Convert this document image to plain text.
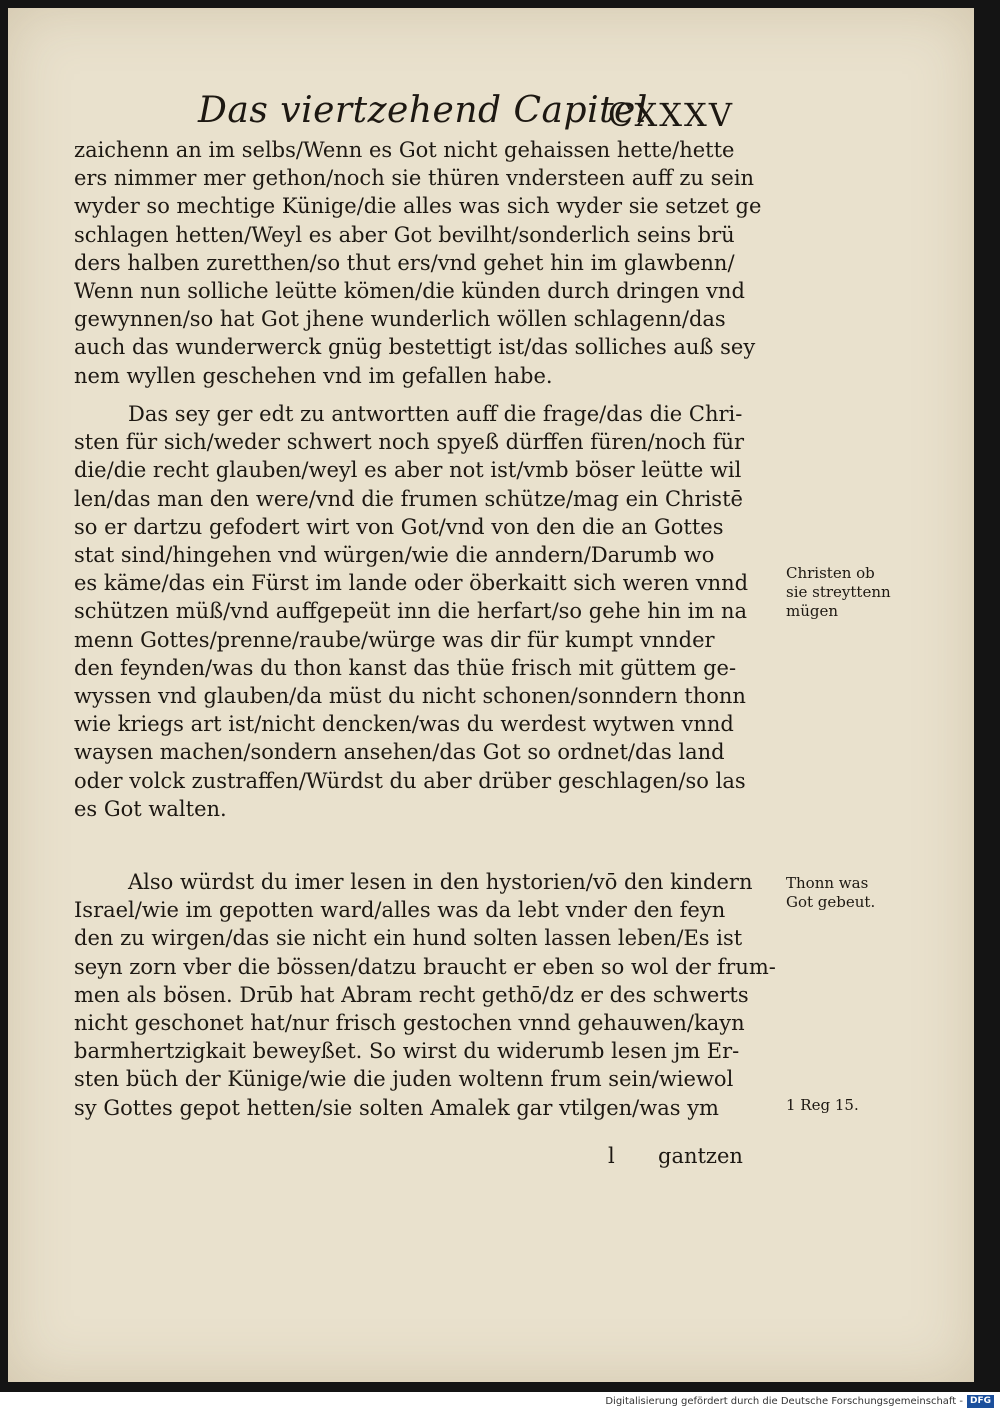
Das viertzehend Capitel
CXXXV
zaichenn an im selbs/Wenn es Got nicht gehaissen hette/hette
ers nimmer mer gethon/noch sie thüren vndersteen auff zu sein
wyder so mechtige Künige/die alles was sich wyder sie setzet ge
schlagen hetten/Weyl es aber Got bevilht/sonderlich seins brü
ders halben zuretthen/so thut ers/vnd gehet hin im glawbenn/
Wenn nun solliche leütte kömen/die künden durch dringen vnd
gewynnen/so hat Got jhene wunderlich wöllen schlagenn/das
auch das wunderwerck gnüg bestettigt ist/das solliches auß sey
nem wyllen geschehen vnd im gefallen habe.
Das sey ger edt zu antwortten auff die frage/das die Chri-
sten für sich/weder schwert noch spyeß dürffen füren/noch für
die/die recht glauben/weyl es aber not ist/vmb böser leütte wil
len/das man den were/vnd die frumen schütze/mag ein Christē
so er dartzu gefodert wirt von Got/vnd von den die an Gottes
stat sind/hingehen vnd würgen/wie die anndern/Darumb wo
es käme/das ein Fürst im lande oder öberkaitt sich weren vnnd
schützen müß/vnd auffgepeüt inn die herfart/so gehe hin im na
menn Gottes/prenne/raube/würge was dir für kumpt vnnder
den feynden/was du thon kanst das thüe frisch mit güttem ge-
wyssen vnd glauben/da müst du nicht schonen/sonndern thonn
wie kriegs art ist/nicht dencken/was du werdest wytwen vnnd
waysen machen/sondern ansehen/das Got so ordnet/das land
oder volck zustraffen/Würdst du aber drüber geschlagen/so las
es Got walten.
Also würdst du imer lesen in den hystorien/vō den kindern
Israel/wie im gepotten ward/alles was da lebt vnder den feyn
den zu wirgen/das sie nicht ein hund solten lassen leben/Es ist
seyn zorn vber die bössen/datzu braucht er eben so wol der frum-
men als bösen. Drūb hat Abram recht gethō/dz er des schwerts
nicht geschonet hat/nur frisch gestochen vnnd gehauwen/kayn
barmhertzigkait beweyßet. So wirst du widerumb lesen jm Er-
sten büch der Künige/wie die juden woltenn frum sein/wiewol
sy Gottes gepot hetten/sie solten Amalek gar vtilgen/was ym
Christen ob
sie streyttenn
mügen
Thonn was
Got gebeut.
1 Reg 15.
l gantzen
Digitalisierung gefördert durch die Deutsche Forschungsgemeinschaft - DFG
